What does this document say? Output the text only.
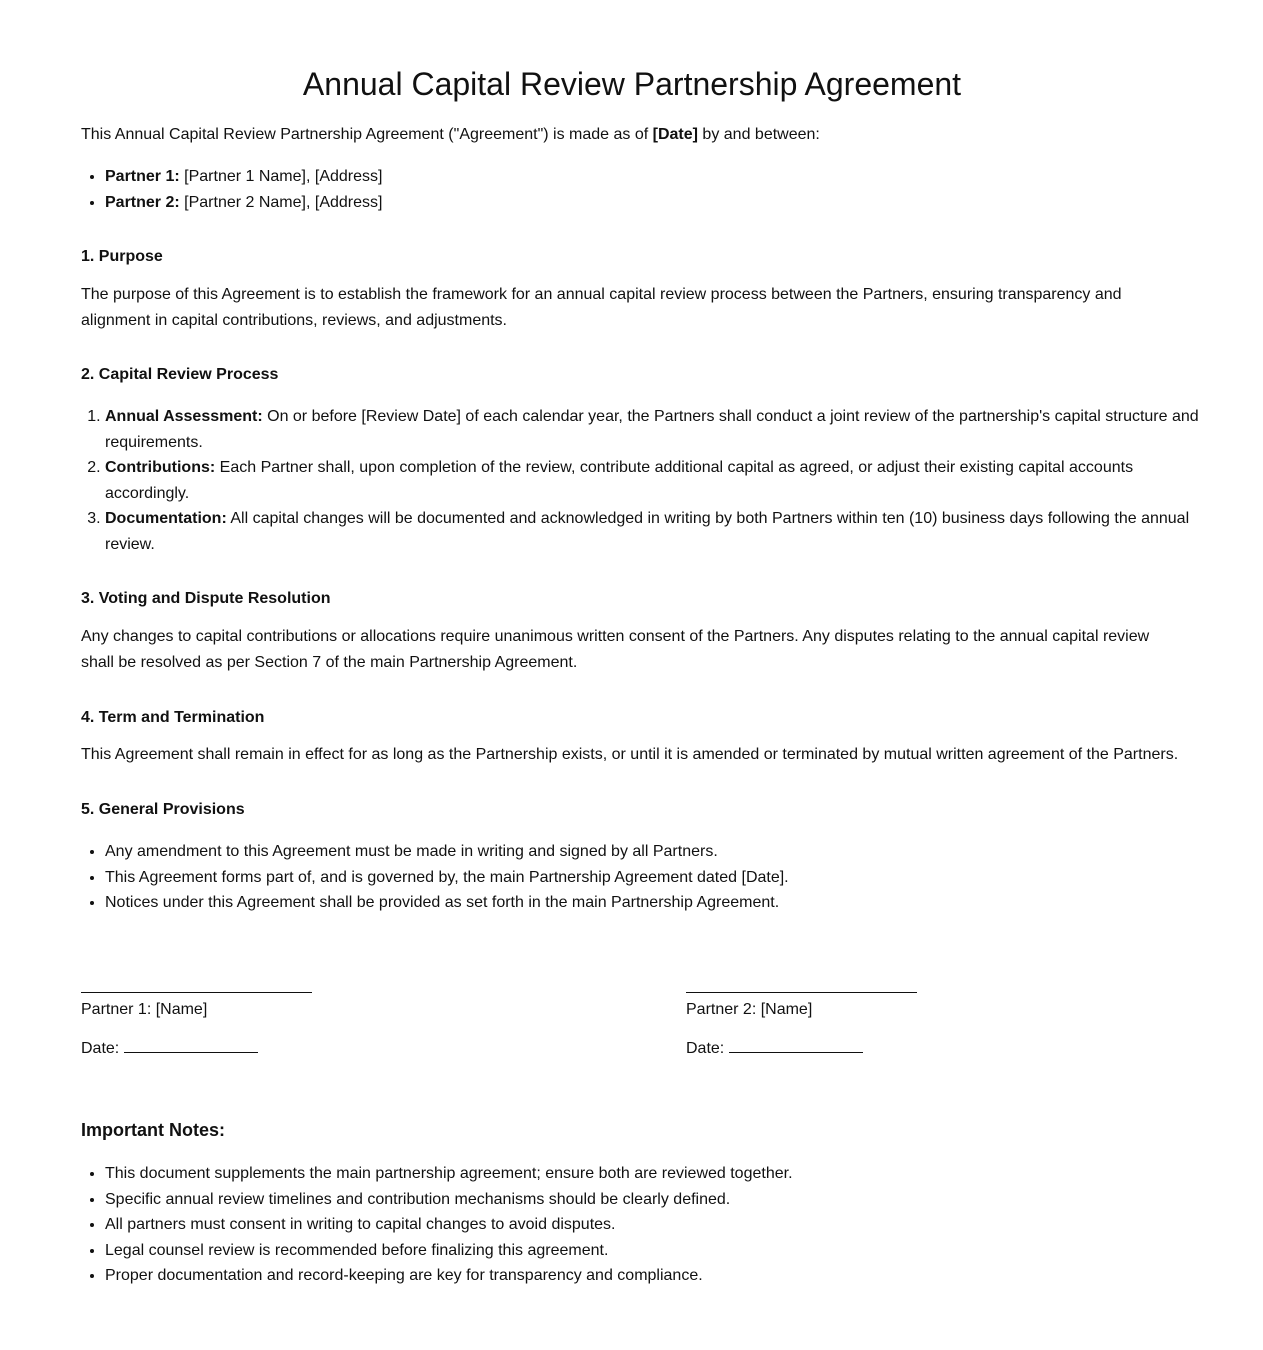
Annual Capital Review Partnership Agreement

This Annual Capital Review Partnership Agreement ("Agreement") is made as of [Date] by and between:

• Partner 1: [Partner 1 Name], [Address]
• Partner 2: [Partner 2 Name], [Address]
1. Purpose

The purpose of this Agreement is to establish the framework for an annual capital review process between the Partners, ensuring transparency and alignment in capital contributions, reviews, and adjustments.

2. Capital Review Process
1. Annual Assessment: On or before [Review Date] of each calendar year, the Partners shall conduct a joint review of the partnership's capital structure and requirements.
2. Contributions: Each Partner shall, upon completion of the review, contribute additional capital as agreed, or adjust their existing capital accounts accordingly.
3. Documentation: All capital changes will be documented and acknowledged in writing by both Partners within ten (10) business days following the annual review.
3. Voting and Dispute Resolution

Any changes to capital contributions or allocations require unanimous written consent of the Partners. Any disputes relating to the annual capital review shall be resolved as per Section 7 of the main Partnership Agreement.

4. Term and Termination

This Agreement shall remain in effect for as long as the Partnership exists, or until it is amended or terminated by mutual written agreement of the Partners.

5. General Provisions
• Any amendment to this Agreement must be made in writing and signed by all Partners.
• This Agreement forms part of, and is governed by, the main Partnership Agreement dated [Date].
• Notices under this Agreement shall be provided as set forth in the main Partnership Agreement.
Partner 1: [Name]
Date:
Partner 2: [Name]
Date:
Important Notes:
• This document supplements the main partnership agreement; ensure both are reviewed together.
• Specific annual review timelines and contribution mechanisms should be clearly defined.
• All partners must consent in writing to capital changes to avoid disputes.
• Legal counsel review is recommended before finalizing this agreement.
• Proper documentation and record-keeping are key for transparency and compliance.
